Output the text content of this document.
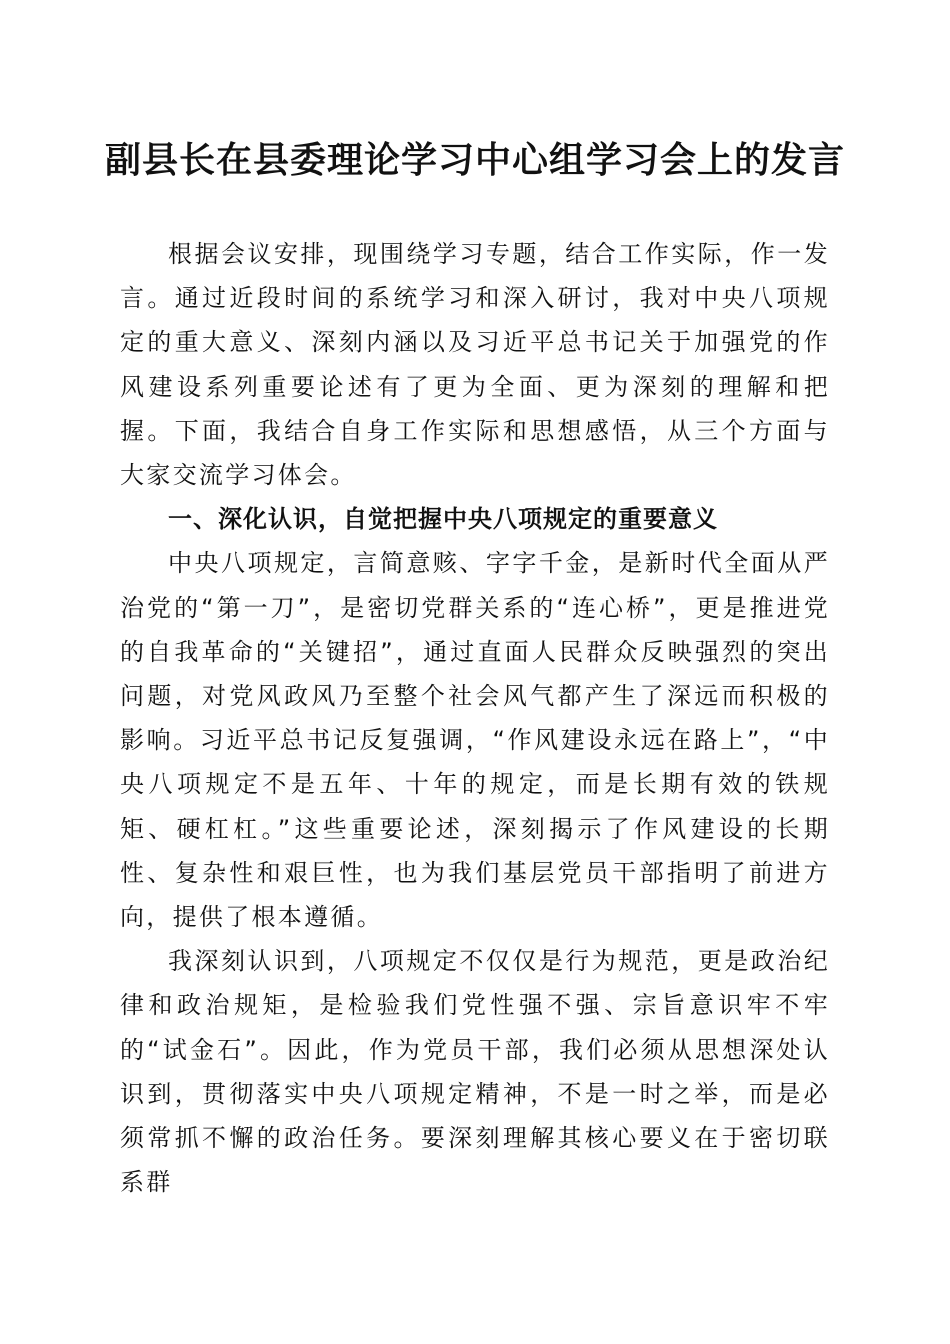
副县长在县委理论学习中心组学习会上的发言

根据会议安排，现围绕学习专题，结合工作实际，作一发言。通过近段时间的系统学习和深入研讨，我对中央八项规定的重大意义、深刻内涵以及习近平总书记关于加强党的作风建设系列重要论述有了更为全面、更为深刻的理解和把握。下面，我结合自身工作实际和思想感悟，从三个方面与大家交流学习体会。

一、深化认识，自觉把握中央八项规定的重要意义

中央八项规定，言简意赅、字字千金，是新时代全面从严治党的“第一刀”，是密切党群关系的“连心桥”，更是推进党的自我革命的“关键招”，通过直面人民群众反映强烈的突出问题，对党风政风乃至整个社会风气都产生了深远而积极的影响。习近平总书记反复强调，“作风建设永远在路上”，“中央八项规定不是五年、十年的规定，而是长期有效的铁规矩、硬杠杠。”这些重要论述，深刻揭示了作风建设的长期性、复杂性和艰巨性，也为我们基层党员干部指明了前进方向，提供了根本遵循。

我深刻认识到，八项规定不仅仅是行为规范，更是政治纪律和政治规矩，是检验我们党性强不强、宗旨意识牢不牢的“试金石”。因此，作为党员干部，我们必须从思想深处认识到，贯彻落实中央八项规定精神，不是一时之举，而是必须常抓不懈的政治任务。要深刻理解其核心要义在于密切联系群
